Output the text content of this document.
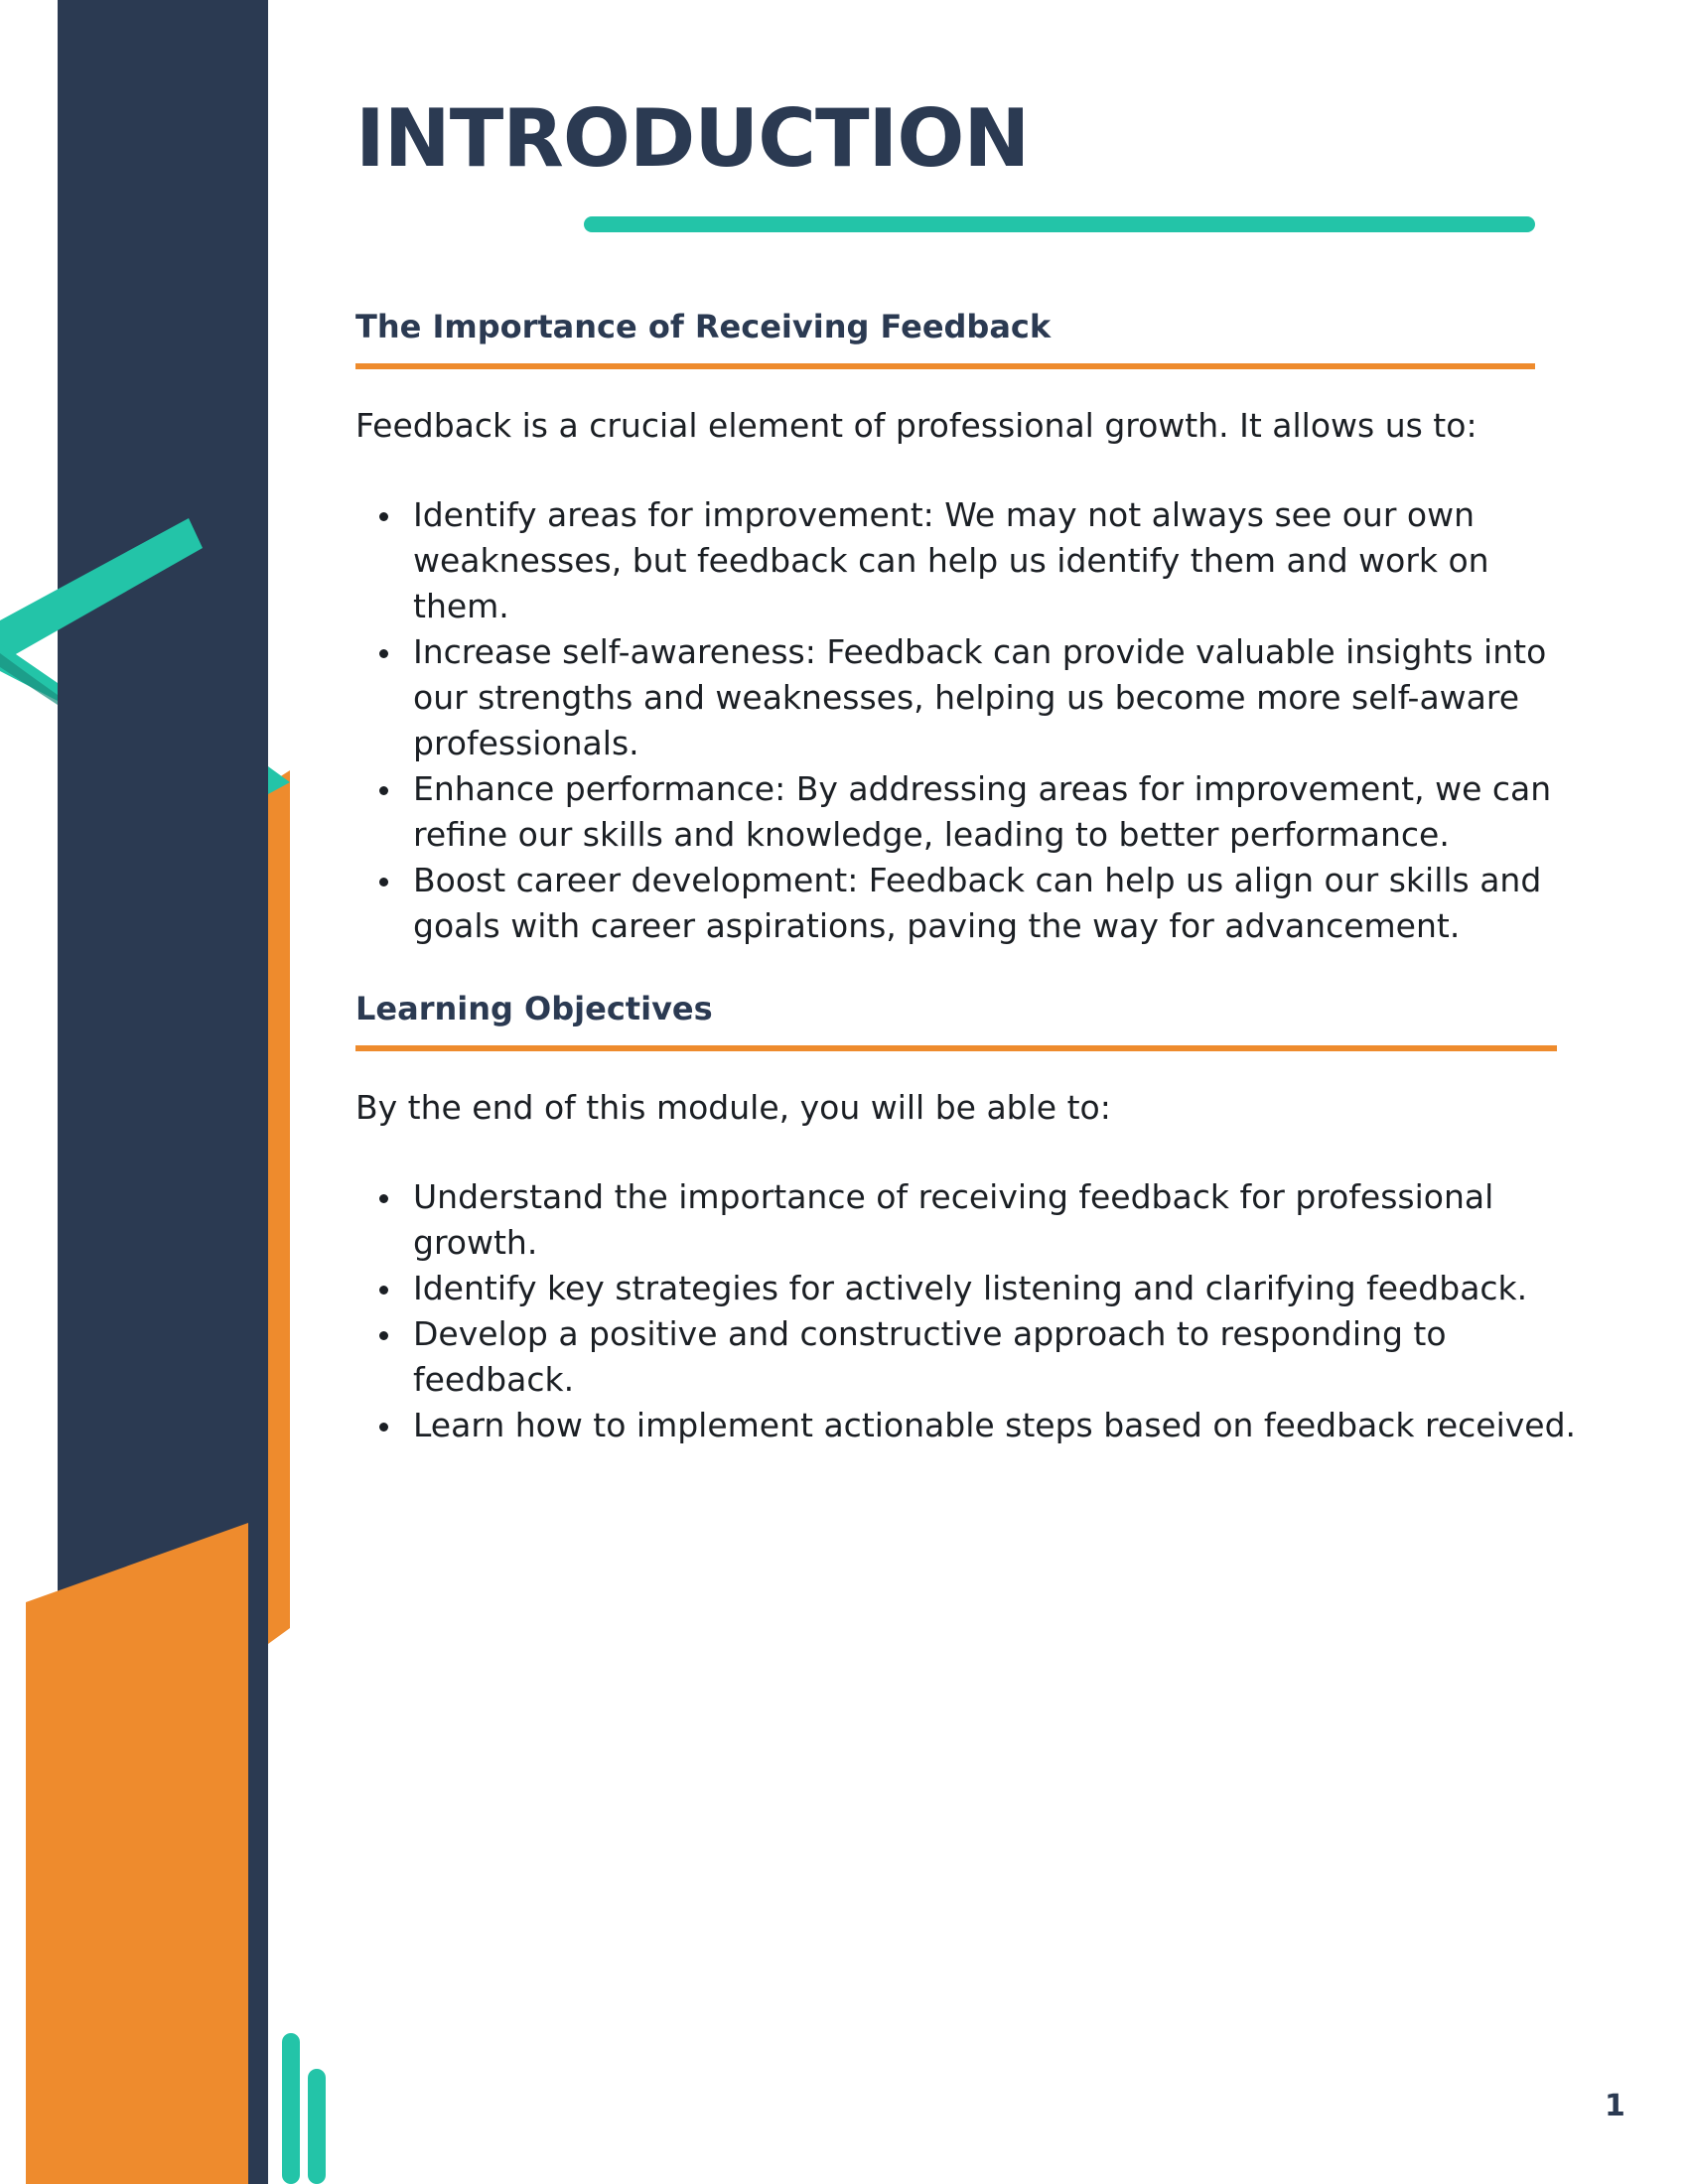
INTRODUCTION
The Importance of Receiving Feedback

Feedback is a crucial element of professional growth. It allows us to:

Identify areas for improvement: We may not always see our own weaknesses, but feedback can help us identify them and work on them.
Increase self-awareness: Feedback can provide valuable insights into our strengths and weaknesses, helping us become more self-aware professionals.
Enhance performance: By addressing areas for improvement, we can refine our skills and knowledge, leading to better performance.
Boost career development: Feedback can help us align our skills and goals with career aspirations, paving the way for advancement.
Learning Objectives

By the end of this module, you will be able to:

Understand the importance of receiving feedback for professional growth.
Identify key strategies for actively listening and clarifying feedback.
Develop a positive and constructive approach to responding to feedback.
Learn how to implement actionable steps based on feedback received.
1
